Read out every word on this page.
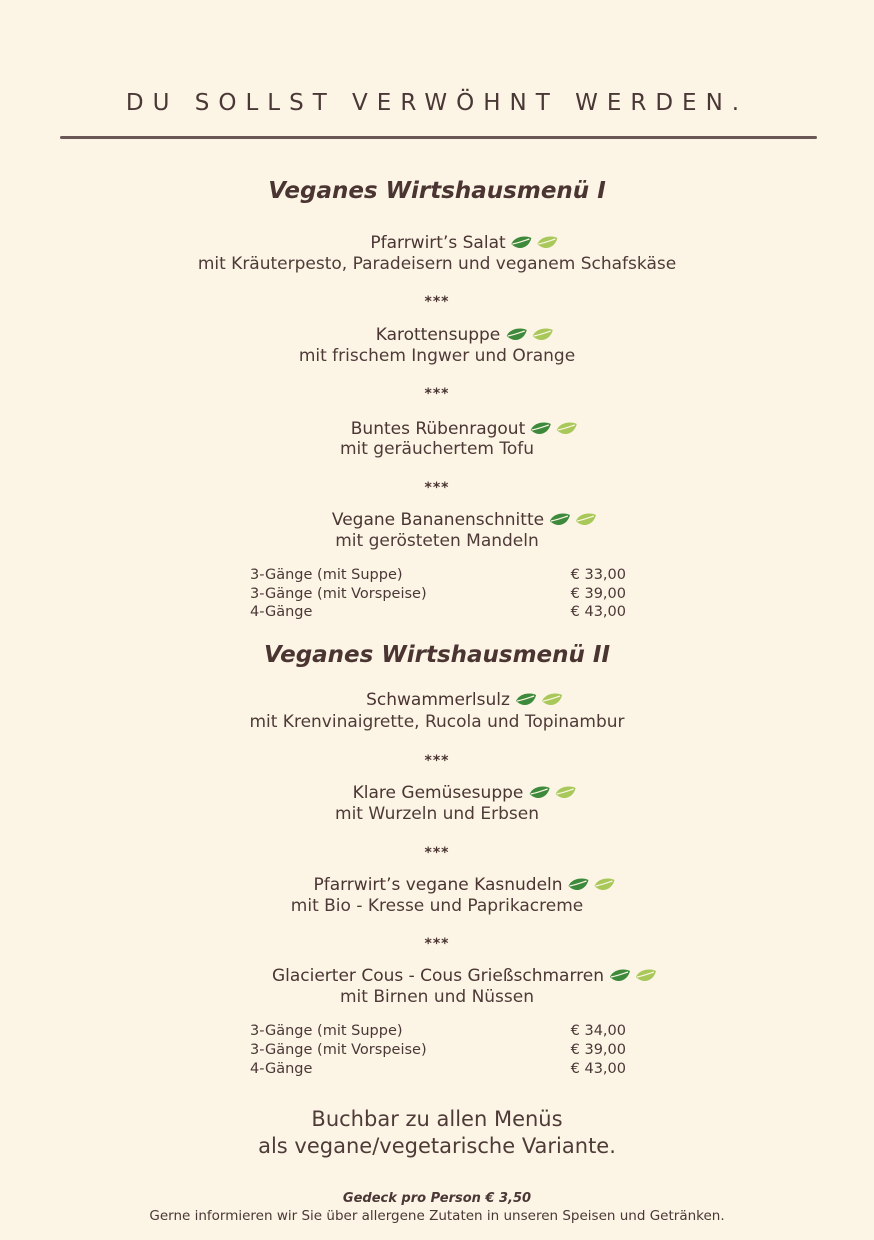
DU SOLLST VERWÖHNT WERDEN.
Veganes Wirtshausmenü I
Pfarrwirt’s Salat
mit Kräuterpesto, Paradeisern und veganem Schafskäse
***
Karottensuppe
mit frischem Ingwer und Orange
***
Buntes Rübenragout
mit geräuchertem Tofu
***
Vegane Bananenschnitte
mit gerösteten Mandeln
3-Gänge (mit Suppe)	€ 33,00
3-Gänge (mit Vorspeise)	€ 39,00
4-Gänge	€ 43,00
Veganes Wirtshausmenü II
Schwammerlsulz
mit Krenvinaigrette, Rucola und Topinambur
***
Klare Gemüsesuppe
mit Wurzeln und Erbsen
***
Pfarrwirt’s vegane Kasnudeln
mit Bio - Kresse und Paprikacreme
***
Glacierter Cous - Cous Grießschmarren
mit Birnen und Nüssen
3-Gänge (mit Suppe)	€ 34,00
3-Gänge (mit Vorspeise)	€ 39,00
4-Gänge	€ 43,00
Buchbar zu allen Menüs
als vegane/vegetarische Variante.
Gedeck pro Person € 3,50
Gerne informieren wir Sie über allergene Zutaten in unseren Speisen und Getränken.
